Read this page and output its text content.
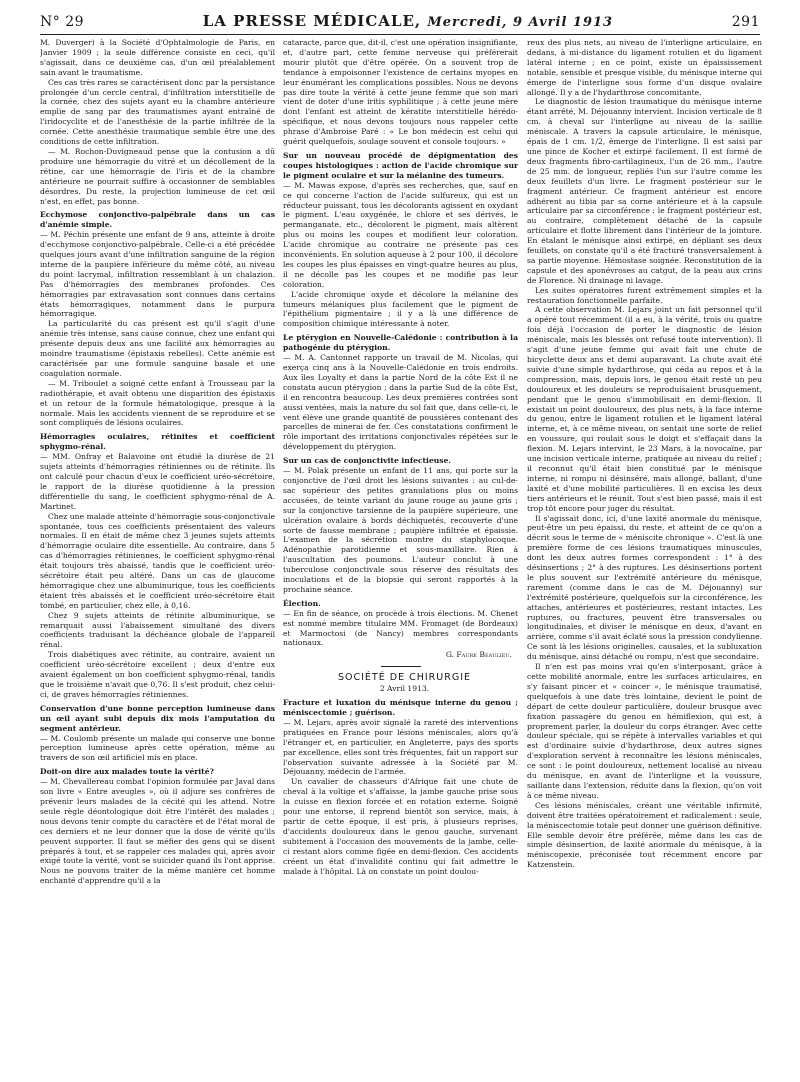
N° 29	LA PRESSE MÉDICALE, Mercredi, 9 Avril 1913	291

M. Duverger) à la Société d'Ophtalmologie de Paris, en Janvier 1909 ; la seule différence consiste en ceci, qu'il s'agissait, dans ce deuxième cas, d'un œil préalablement sain avant le traumatisme.

Ces cas très rares se caractérisent donc par la persistance prolongée d'un cercle central, d'infiltration interstitielle de la cornée, chez des sujets ayant eu la chambre antérieure emplie de sang par des traumatismes ayant entraîné de l'iridocyclite et de l'anesthésie de la partie infiltrée de la cornée. Cette anesthésie traumatique semble être une des conditions de cette infiltration.

— M. Rochon-Duvigneaud pense que la contusion a dû produire une hémorragie du vitré et un décollement de la rétine, car une hémorragie de l'iris et de la chambre antérieure ne pourrait suffire à occasionner de semblables désordres. Du reste, la projection lumineuse de cet œil n'est, en effet, pas bonne.

Ecchymose conjonctivo-palpébrale dans un cas d'anémie simple.

— M. Péchin présente une enfant de 9 ans, atteinte à droite d'ecchymose conjonctivo-palpébrale. Celle-ci a été précédée quelques jours avant d'une infiltration sanguine de la région interne de la paupière inférieure du même côté, au niveau du point lacrymal, infiltration ressemblant à un chalazion. Pas d'hémorragies des membranes profondes. Ces hémorragies par extravasation sont connues dans certains états hémorragiques, notamment dans le purpura hémorragique.

La particularité du cas présent est qu'il s'agit d'une anémie très intense, sans cause connue, chez une enfant qui présente depuis deux ans une facilité aux hémorragies au moindre traumatisme (épistaxis rebelles). Cette anémie est caractérisée par une formule sanguine basale et une coagulation normale.

— M. Triboulet a soigné cette enfant à Trousseau par la radiothérapie, et avait obtenu une disparition des épistaxis et un retour de la formule hématologique, presque à la normale. Mais les accidents viennent de se reproduire et se sont compliqués de lésions oculaires.

Hémorragies oculaires, rétinites et coefficient sphygmo-rénal.

— MM. Onfray et Balavoine ont étudié la diurèse de 21 sujets atteints d'hémorragies rétiniennes ou de rétinite. Ils ont calculé pour chacun d'eux le coefficient uréo-sécrétoire, le rapport de la diurèse quotidienne à la pression différentielle du sang, le coefficient sphygmo-rénal de A. Martinet.

Chez une malade atteinte d'hémorragie sous-conjonctivale spontanée, tous ces coefficients présentaient des valeurs normales. Il en était de même chez 3 jeunes sujets atteints d'hémorragie oculaire dite essentielle. Au contraire, dans 5 cas d'hémorragies rétiniennes, le coefficient sphygmo-rénal était toujours très abaissé, tandis que le coefficient uréo-sécrétoire était peu altéré. Dans un cas de glaucome hémorragique chez une albuminurique, tous les coefficients étaient très abaissés et le coefficient uréo-sécrétoire était tombé, en particulier, chez elle, à 0,16.

Chez 9 sujets atteints de rétinite albuminurique, se remarquait aussi l'abaissement simultané des divers coefficients traduisant la déchéance globale de l'appareil rénal.

Trois diabétiques avec rétinite, au contraire, avaient un coefficient uréo-sécrétoire excellent ; deux d'entre eux avaient également un bon coefficient sphygmo-rénal, tandis que le troisième n'avait que 0,76. Il s'est produit, chez celui-ci, de graves hémorragies rétiniennes.

Conservation d'une bonne perception lumineuse dans un œil ayant subi depuis dix mois l'amputation du segment antérieur.

— M. Coulomb présente un malade qui conserve une bonne perception lumineuse après cette opération, même au travers de son œil artificiel mis en place.

Doit-on dire aux malades toute la vérité?

— M. Chevallereau combat l'opinion formulée par Javal dans son livre « Entre aveugles », où il adjure ses confrères de prévenir leurs malades de la cécité qui les attend. Notre seule règle déontologique doit être l'intérêt des malades ; nous devons tenir compte du caractère et de l'état moral de ces derniers et ne leur donner que la dose de vérité qu'ils peuvent supporter. Il faut se méfier des gens qui se disent préparés à tout, et se rappeler ces malades qui, après avoir exigé toute la vérité, vont se suicider quand ils l'ont apprise. Nous ne pouvons traiter de la même manière cet homme enchanté d'apprendre qu'il a la

cataracte, parce que, dit-il, c'est une opération insignifiante, et, d'autre part, cette femme nerveuse qui préférerait mourir plutôt que d'être opérée. On a souvent trop de tendance à empoisonner l'existence de certains myopes en leur énumérant les complications possibles. Nous ne devons pas dire toute la vérité à cette jeune femme que son mari vient de doter d'une iritis syphilitique ; à cette jeune mère dont l'enfant est atteint de kératite interstitielle hérédo-spécifique, et nous devons toujours nous rappeler cette phrase d'Ambroise Paré : « Le bon médecin est celui qui guérit quelquefois, soulage souvent et console toujours. »

Sur un nouveau procédé de dépigmentation des coupes histologiques : action de l'acide chromique sur le pigment oculaire et sur la mélanine des tumeurs.

— M. Mawas expose, d'après ses recherches, que, sauf en ce qui concerne l'action de l'acide sulfureux, qui est un réducteur puissant, tous les décolorants agissent en oxydant le pigment. L'eau oxygénée, le chlore et ses dérivés, le permanganate, etc., décolorent le pigment, mais altèrent plus ou moins les coupes et modifient leur coloration. L'acide chromique au contraire ne présente pas ces inconvénients. En solution aqueuse à 2 pour 100, il décolore les coupes les plus épaisses en vingt-quatre heures au plus, il ne décolle pas les coupes et ne modifie pas leur coloration.

L'acide chromique oxyde et décolore la mélanine des tumeurs mélaniques plus facilement que le pigment de l'épithélium pigmentaire ; il y a là une différence de composition chimique intéressante à noter.

Le ptérygion en Nouvelle-Calédonie : contribution à la pathogénie du ptérygion.

— M. A. Cantonnet rapporte un travail de M. Nicolas, qui exerça cinq ans à la Nouvelle-Calédonie en trois endroits. Aux îles Loyalty et dans la partie Nord de la côte Est il ne constata aucun ptérygion ; dans la partie Sud de la côte Est, il en rencontra beaucoup. Les deux premières contrées sont aussi ventées, mais la nature du sol fait que, dans celle-ci, le vent élève une grande quantité de poussières contenant des parcelles de minerai de fer. Ces constatations confirment le rôle important des irritations conjonctivales répétées sur le développement du ptérygion.

Sur un cas de conjonctivite infectieuse.

— M. Polak présente un enfant de 11 ans, qui porte sur la conjonctive de l'œil droit les lésions suivantes : au cul-de-sac supérieur des petites granulations plus ou moins accusées, de teinte variant du jaune rouge au jaune gris ; sur la conjonctive tarsienne de la paupière supérieure, une ulcération ovalaire à bords déchiquetés, recouverte d'une sorte de fausse membrane ; paupière infiltrée et épaissie. L'examen de la sécrétion montre du staphylocoque. Adénopathie parotidienne et sous-maxillaire. Rien à l'auscultation des poumons. L'auteur conclut à une tuberculose conjonctivale sous réserve des résultats des inoculations et de la biopsie qui seront rapportés à la prochaine séance.

Élection.

— En fin de séance, on procède à trois élections. M. Chenet est nommé membre titulaire MM. Fromaget (de Bordeaux) et Marmoctosi (de Nancy) membres correspondants nationaux.

G. Faure Beaulieu.

SOCIÉTÉ DE CHIRURGIE

2 Avril 1913.

Fracture et luxation du ménisque interne du genou ; méniscectomie ; guérison.

— M. Lejars, après avoir signalé la rareté des interventions pratiquées en France pour lésions méniscales, alors qu'à l'étranger et, en particulier, en Angleterre, pays des sports par excellence, elles sont très fréquentes, fait un rapport sur l'observation suivante adressée à la Société par M. Déjouanny, médecin de l'armée.

Un cavalier de chasseurs d'Afrique fait une chute de cheval à la voltige et s'affaisse, la jambe gauche prise sous la cuisse en flexion forcée et en rotation externe. Soigné pour une entorse, il reprend bientôt son service, mais, à partir de cette époque, il est pris, à plusieurs reprises, d'accidents douloureux dans le genou gauche, survenant subitement à l'occasion des mouvements de la jambe, celle-ci restant alors comme figée en demi-flexion. Ces accidents créent un état d'invalidité continu qui fait admettre le malade à l'hôpital. Là on constate un point doulou-

reux des plus nets, au niveau de l'interligne articulaire, en dedans, à mi-distance du ligament rotulien et du ligament latéral interne ; en ce point, existe un épaississement notable, sensible et presque visible, du ménisque interne qui émerge de l'interligne sous forme d'un disque ovalaire allongé. Il y a de l'hydarthrose concomitante.

Le diagnostic de lésion traumatique du ménisque interne étant arrêté, M. Déjouanny intervient. Incision verticale de 8 cm. à cheval sur l'interligne au niveau de la saillie méniscale. A travers la capsule articulaire, le ménisque, épais de 1 cm. 1/2, émerge de l'interligne. Il est saisi par une pince de Kocher et extirpé facilement. Il est formé de deux fragments fibro-cartilagineux, l'un de 26 mm., l'autre de 25 mm. de longueur, repliés l'un sur l'autre comme les deux feuillets d'un livre. Le fragment postérieur sur le fragment antérieur. Ce fragment antérieur est encore adhérent au tibia par sa corne antérieure et à la capsule articulaire par sa circonférence ; le fragment postérieur est, au contraire, complètement détaché de la capsule articulaire et flotte librement dans l'intérieur de la jointure. En étalant le ménisque ainsi extirpé, en dépliant ses deux feuillets, on constate qu'il a été fracturé transversalement à sa partie moyenne. Hémostase soignée. Reconstitution de la capsule et des aponévroses au catgut, de la peau aux crins de Florence. Ni drainage ni lavage.

Les suites opératoires furent extrêmement simples et la restauration fonctionnelle parfaite.

A cette observation M. Lejars joint un fait personnel qu'il a opéré tout récemment (il a eu, à la vérité, trois ou quatre fois déjà l'occasion de porter le diagnostic de lésion méniscale, mais les blessés ont refusé toute intervention). Il s'agit d'une jeune femme qui avait fait une chute de bicyclette deux ans et demi auparavant. La chute avait été suivie d'une simple hydarthrose, qui céda au repos et à la compression, mais, depuis lors, le genou était resté un peu douloureux et les douleurs se reproduisaient brusquement, pendant que le genou s'immobilisait en demi-flexion. Il existait un point douloureux, des plus nets, à la face interne du genou, entre le ligament rotulien et le ligament latéral interne, et, à ce même niveau, on sentait une sorte de relief en voussure, qui roulait sous le doigt et s'effaçait dans la flexion. M. Lejars intervint, le 23 Mars, à la novocaïne, par une incision verticale interne, pratiquée au niveau du relief ; il reconnut qu'il était bien constitué par le ménisque interne, ni rompu ni désinséré, mais allongé, ballant, d'une laxité et d'une mobilité particulières. Il en excisa les deux tiers antérieurs et le réunit. Tout s'est bien passé, mais il est trop tôt encore pour juger du résultat.

Il s'agissait donc, ici, d'une laxité anormale du ménisque, peut-être un peu épaissi, du reste, et atteint de ce qu'on a décrit sous le terme de « méniscite chronique ». C'est là une première forme de ces lésions traumatiques minuscules, dont les deux autres formes correspondent : 1° à des désinsertions ; 2° à des ruptures. Les désinsertions portent le plus souvent sur l'extrémité antérieure du ménisque, rarement (comme dans le cas de M. Déjouanny) sur l'extrémité postérieure, quelquefois sur la circonférence, les attaches, antérieures et postérieures, restant intactes. Les ruptures, ou fractures, peuvent être transversales ou longitudinales, et diviser le ménisque en deux, d'avant en arrière, comme s'il avait éclaté sous la pression condylienne. Ce sont là les lésions originelles, causales, et la subluxation du ménisque, ainsi détaché ou rompu, n'est que secondaire.

Il n'en est pas moins vrai qu'en s'interposant, grâce à cette mobilité anormale, entre les surfaces articulaires, en s'y faisant pincer et « coincer », le ménisque traumatisé, quelquefois à une date très lointaine, devient le point de départ de cette douleur particulière, douleur brusque avec fixation passagère du genou en hémiflexion, qui est, à proprement parler, la douleur du corps étranger. Avec cette douleur spéciale, qui se répète à intervalles variables et qui est d'ordinaire suivie d'hydarthrose, deux autres signes d'exploration servent à reconnaître les lésions méniscales, ce sont : le point douloureux, nettement localisé au niveau du ménisque, en avant de l'interligne et la voussure, saillante dans l'extension, réduite dans la flexion, qu'on voit à ce même niveau.

Ces lésions méniscales, créant une véritable infirmité, doivent être traitées opératoirement et radicalement : seule, la méniscectomie totale peut donner une guérison définitive. Elle semble devoir être préférée, même dans les cas de simple désinsertion, de laxité anormale du ménisque, à la méniscopexie, préconisée tout récemment encore par Katzenstein.
